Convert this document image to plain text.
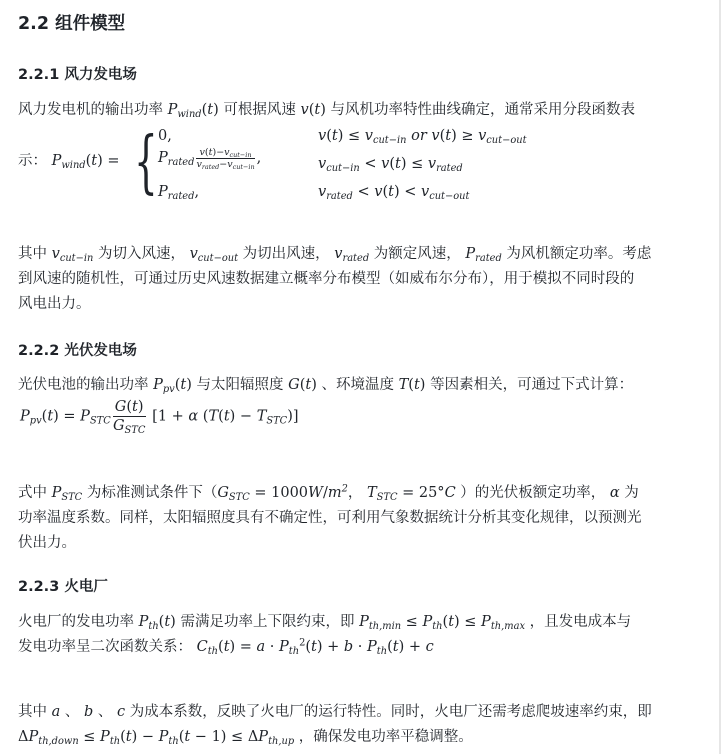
2.2 组件模型
2.2.1 风力发电场
风力发电机的输出功率 $P_{wind}(t)$ 可根据风速 v(t) 与风机功率特性曲线确定，通常采用分段函数表
示： $P_{wind}(t)$ = { 0,	$v(t) \le v_{cut-in}$ or $v(t) \ge v_{cut-out}$
$P_{rated} \frac{v(t)-v_{cut-in}}{v_{rated}-v_{cut-in}}$ ,	$v_{cut-in} < v(t) \le v_{rated}$
$P_{rated}$,	$v_{rated} < v(t) < v_{cut-out}$
其中 $v_{cut-in}$ 为切入风速， $v_{cut-out}$ 为切出风速， $v_{rated}$ 为额定风速， $P_{rated}$ 为风机额定功率。考虑
到风速的随机性，可通过历史风速数据建立概率分布模型（如威布尔分布），用于模拟不同时段的
风电出力。
2.2.2 光伏发电场
光伏电池的输出功率 $P_{pv}(t)$ 与太阳辐照度 G(t) 、环境温度 T(t) 等因素相关，可通过下式计算：
$P_{pv}(t) = P_{STC} \frac{G(t)}{G_{STC}} [1 + \alpha$ $(T(t) - T_{STC})$]
式中 $P_{STC}$ 为标准测试条件下（$G_{STC} = 1000W/m^2$， $T_{STC} = 25^\circ C$ ）的光伏板额定功率， α 为
功率温度系数。同样，太阳辐照度具有不确定性，可利用气象数据统计分析其变化规律，以预测光
伏出力。
2.2.3 火电厂
火电厂的发电功率 $P_{th}(t)$ 需满足功率上下限约束，即 $P_{th,min} \le P_{th}(t) \le P_{th,max}$ ，且发电成本与
发电功率呈二次函数关系： $C_{th}(t) = a \cdot P_{th}^2(t) + b \cdot P_{th}(t) + c$
其中 a 、 b 、 c 为成本系数，反映了火电厂的运行特性。同时，火电厂还需考虑爬坡速率约束，即
$\Delta P_{th,down} \le P_{th}(t) - P_{th}(t - 1) \le \Delta P_{th,up}$ ，确保发电功率平稳调整。
